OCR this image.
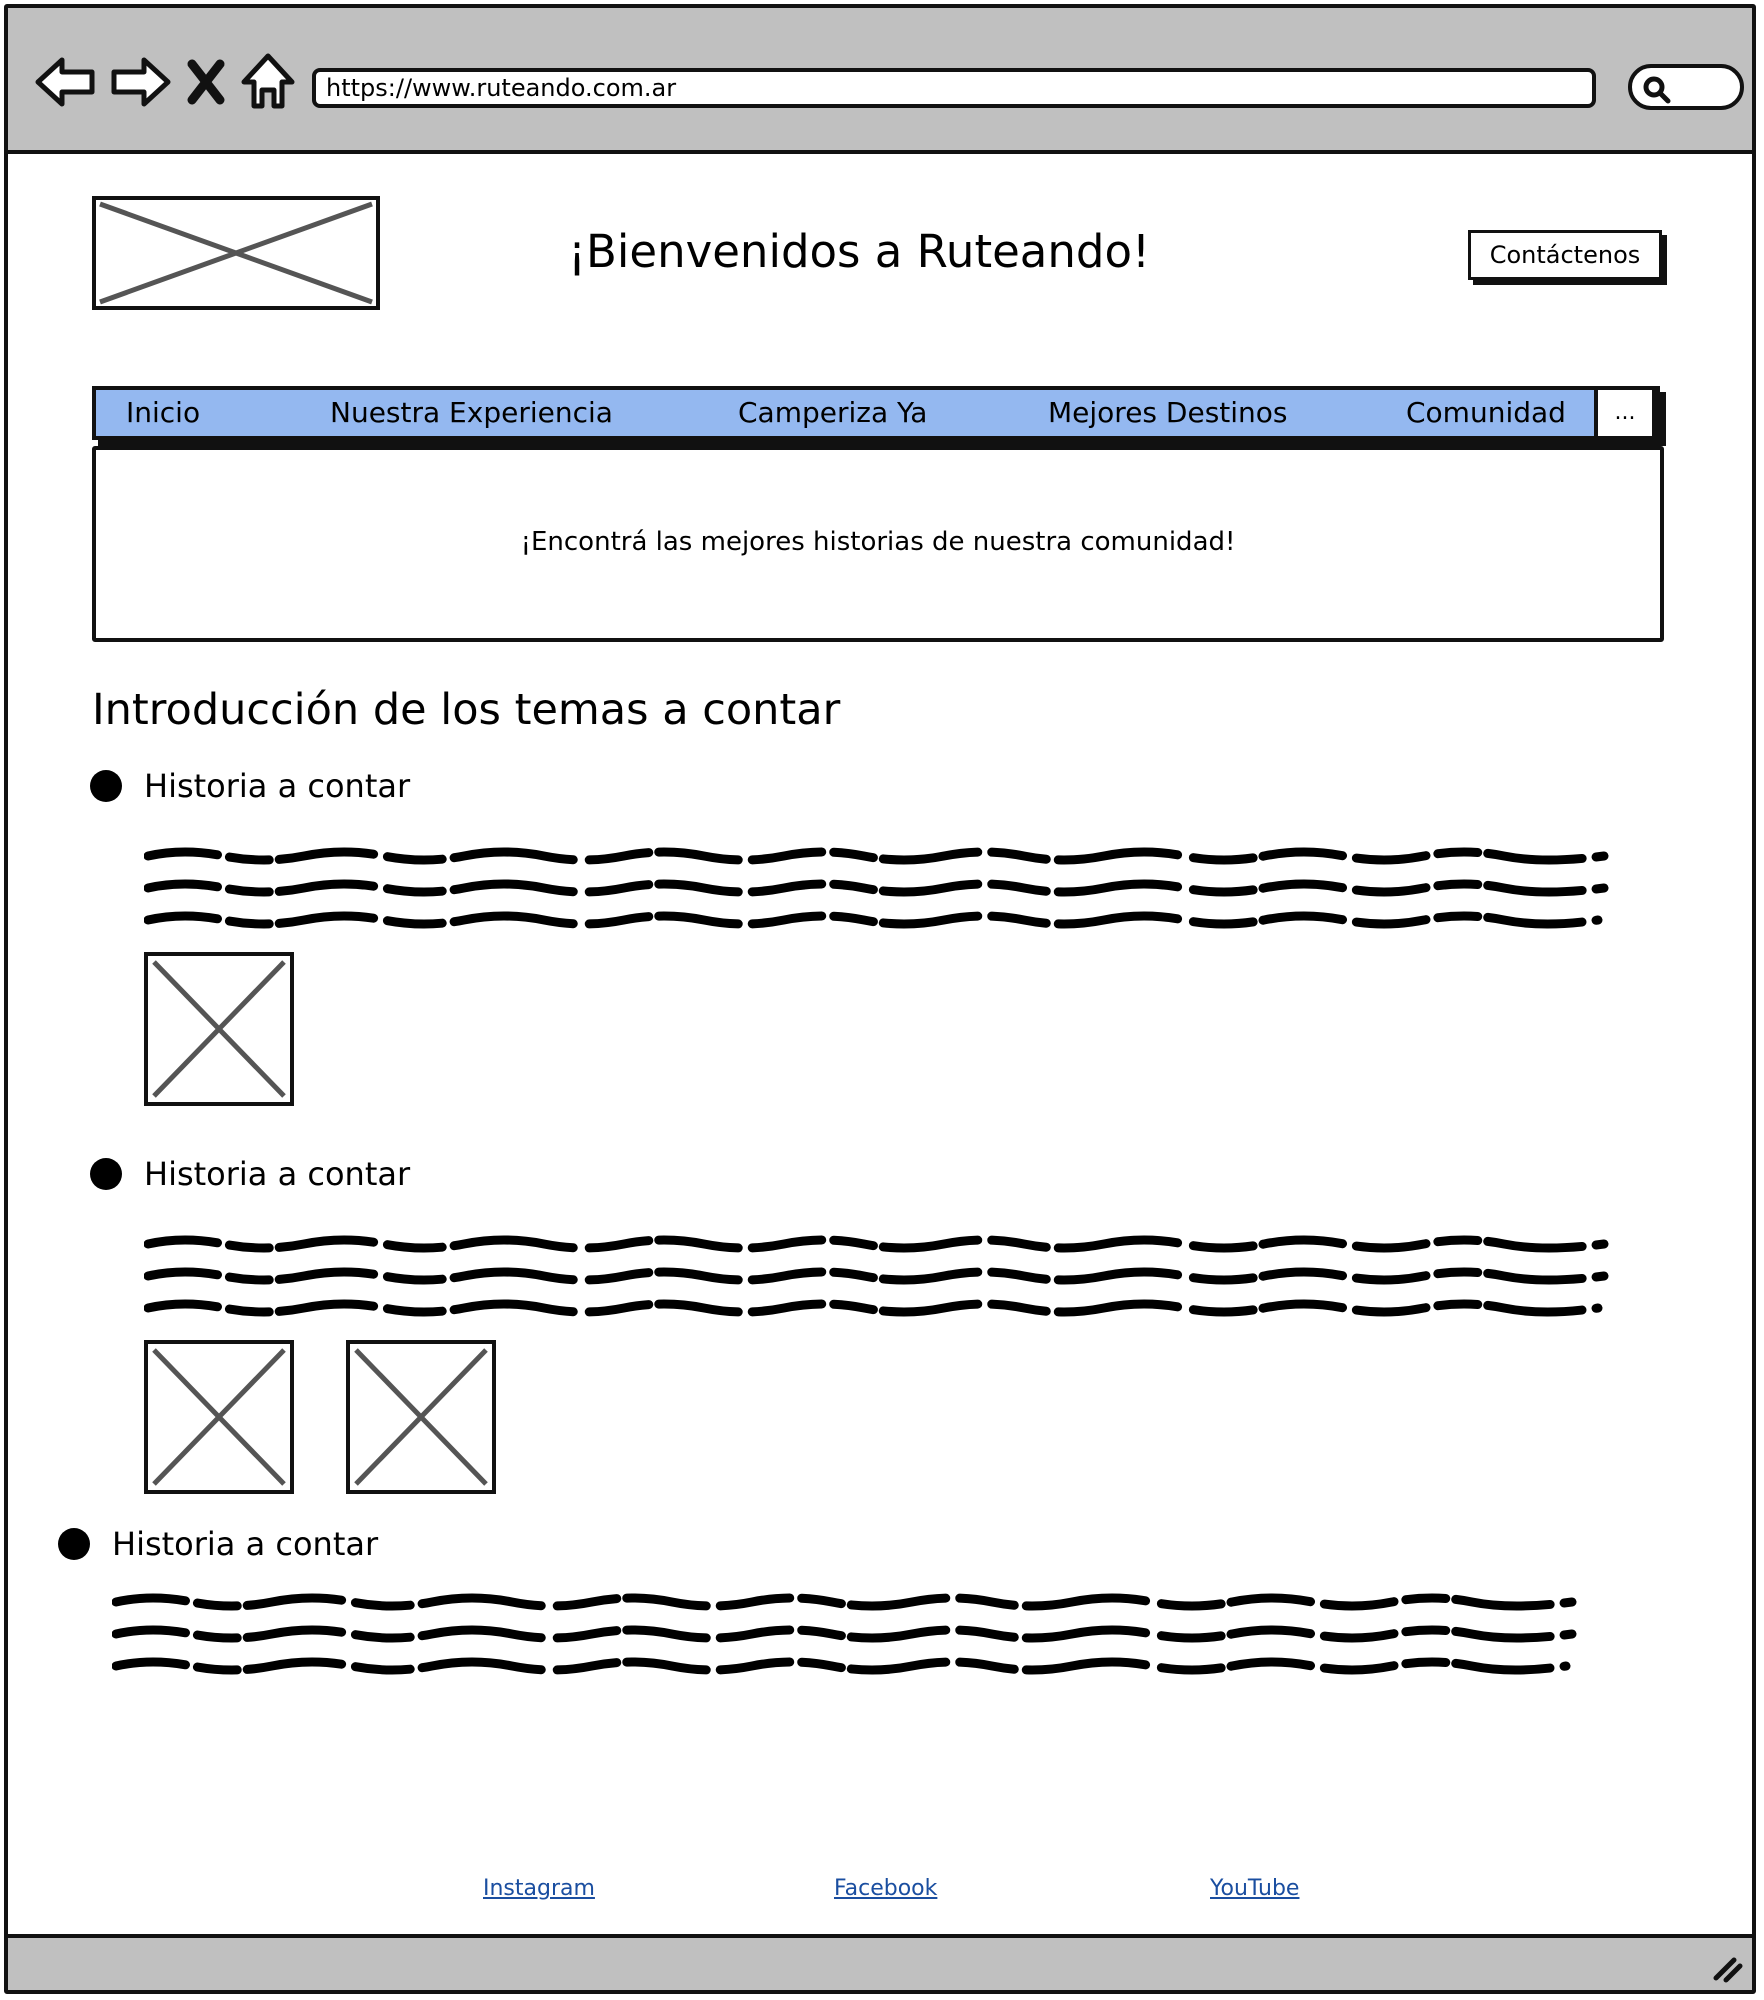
https://www.ruteando.com.ar
¡Bienvenidos a Ruteando!	Contáctenos
Inicio	Nuestra Experiencia	Camperiza Ya	Mejores Destinos	Comunidad	...
¡Encontrá las mejores historias de nuestra comunidad!
Introducción de los temas a contar
Historia a contar
Historia a contar
Historia a contar
Instagram	Facebook	YouTube
